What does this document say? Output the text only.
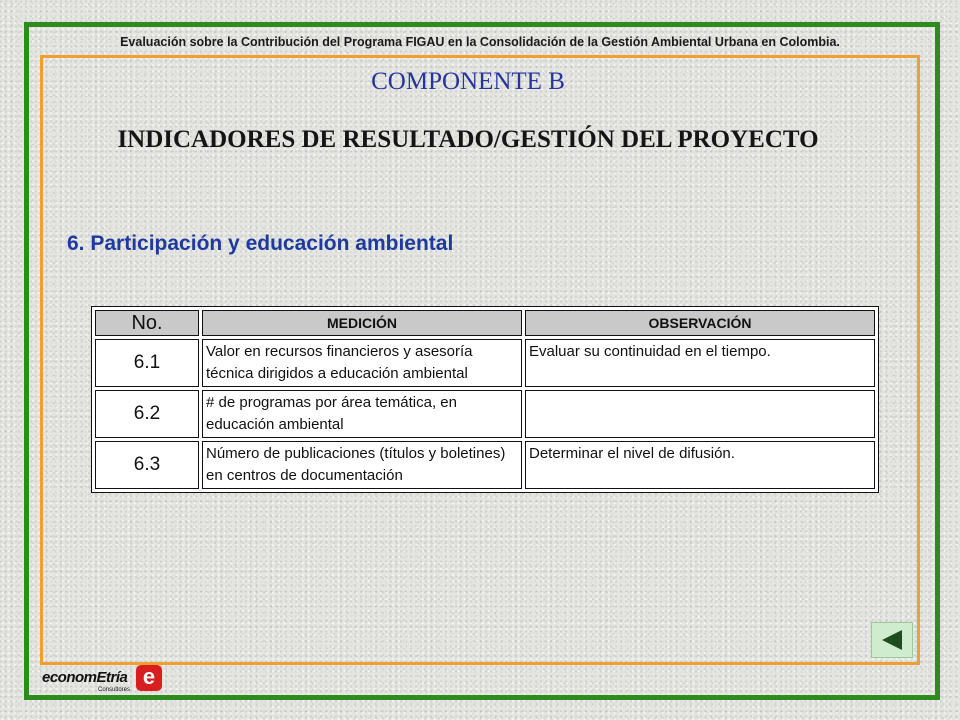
Evaluación sobre la Contribución del Programa FIGAU en la Consolidación de la Gestión Ambiental Urbana en Colombia.
COMPONENTE B
INDICADORES DE RESULTADO/GESTIÓN DEL PROYECTO
6. Participación y educación ambiental
No.	MEDICIÓN	OBSERVACIÓN
6.1	Valor en recursos financieros y asesoría técnica dirigidos a educación ambiental	Evaluar su continuidad en el tiempo.
6.2	# de programas por área temática, en educación ambiental	
6.3	Número de publicaciones (títulos y boletines) en centros de documentación	Determinar el nivel de difusión.
economEtría e
Consultores
